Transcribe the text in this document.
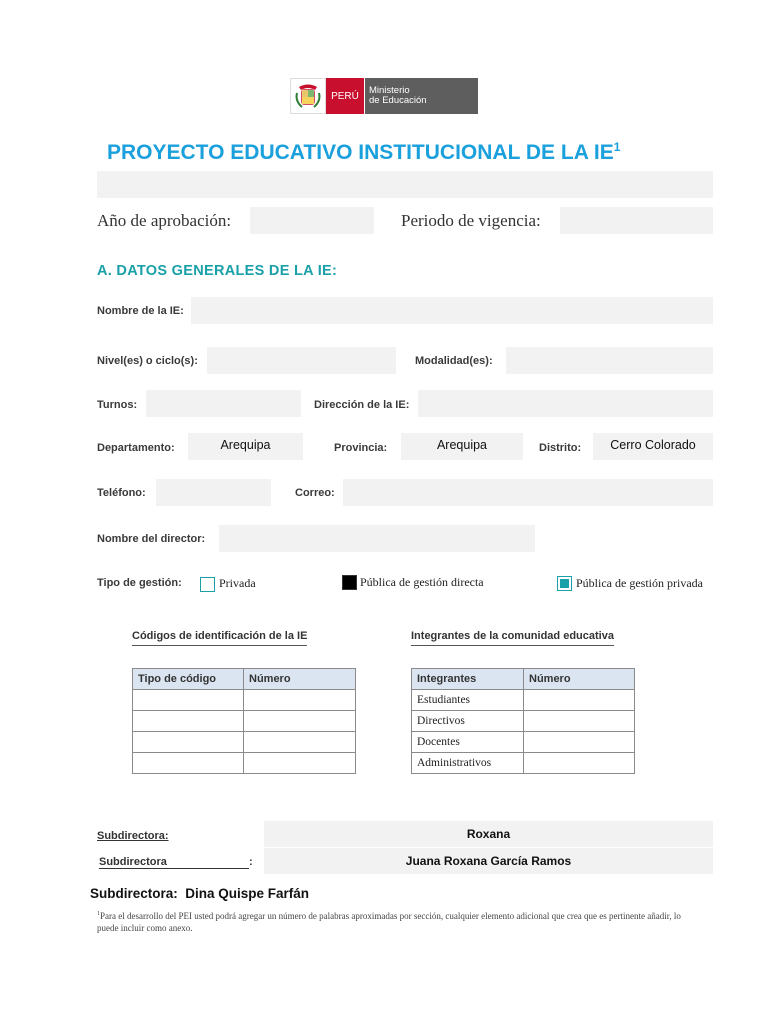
PERÚ Ministerio
de Educación
PROYECTO EDUCATIVO INSTITUCIONAL DE LA $IE^1$
Año de aprobación:	Periodo de vigencia:
A. DATOS GENERALES DE LA IE:
Nombre de la IE:
Nivel(es) o ciclo(s):	Modalidad(es):
Turnos:	Dirección de la IE:
Departamento:	Arequipa	Provincia:	Arequipa	Distrito:	Cerro Colorado
Teléfono:	Correo:
Nombre del director:
Tipo de gestión:	Privada	Pública de gestión directa	Pública de gestión privada
Códigos de identificación de la IE
Tipo de código	Número

Integrantes de la comunidad educativa
Integrantes	Número
Estudiantes	
Directivos	
Docentes	
Administrativos	
Subdirectora:	Roxana
Subdirectora	:	Juana Roxana García Ramos
Subdirectora:  Dina Quispe Farfán
$^1$Para el desarrollo del PEI usted podrá agregar un número de palabras aproximadas por sección, cualquier elemento adicional que crea que es pertinente añadir, lo puede incluir como anexo.
